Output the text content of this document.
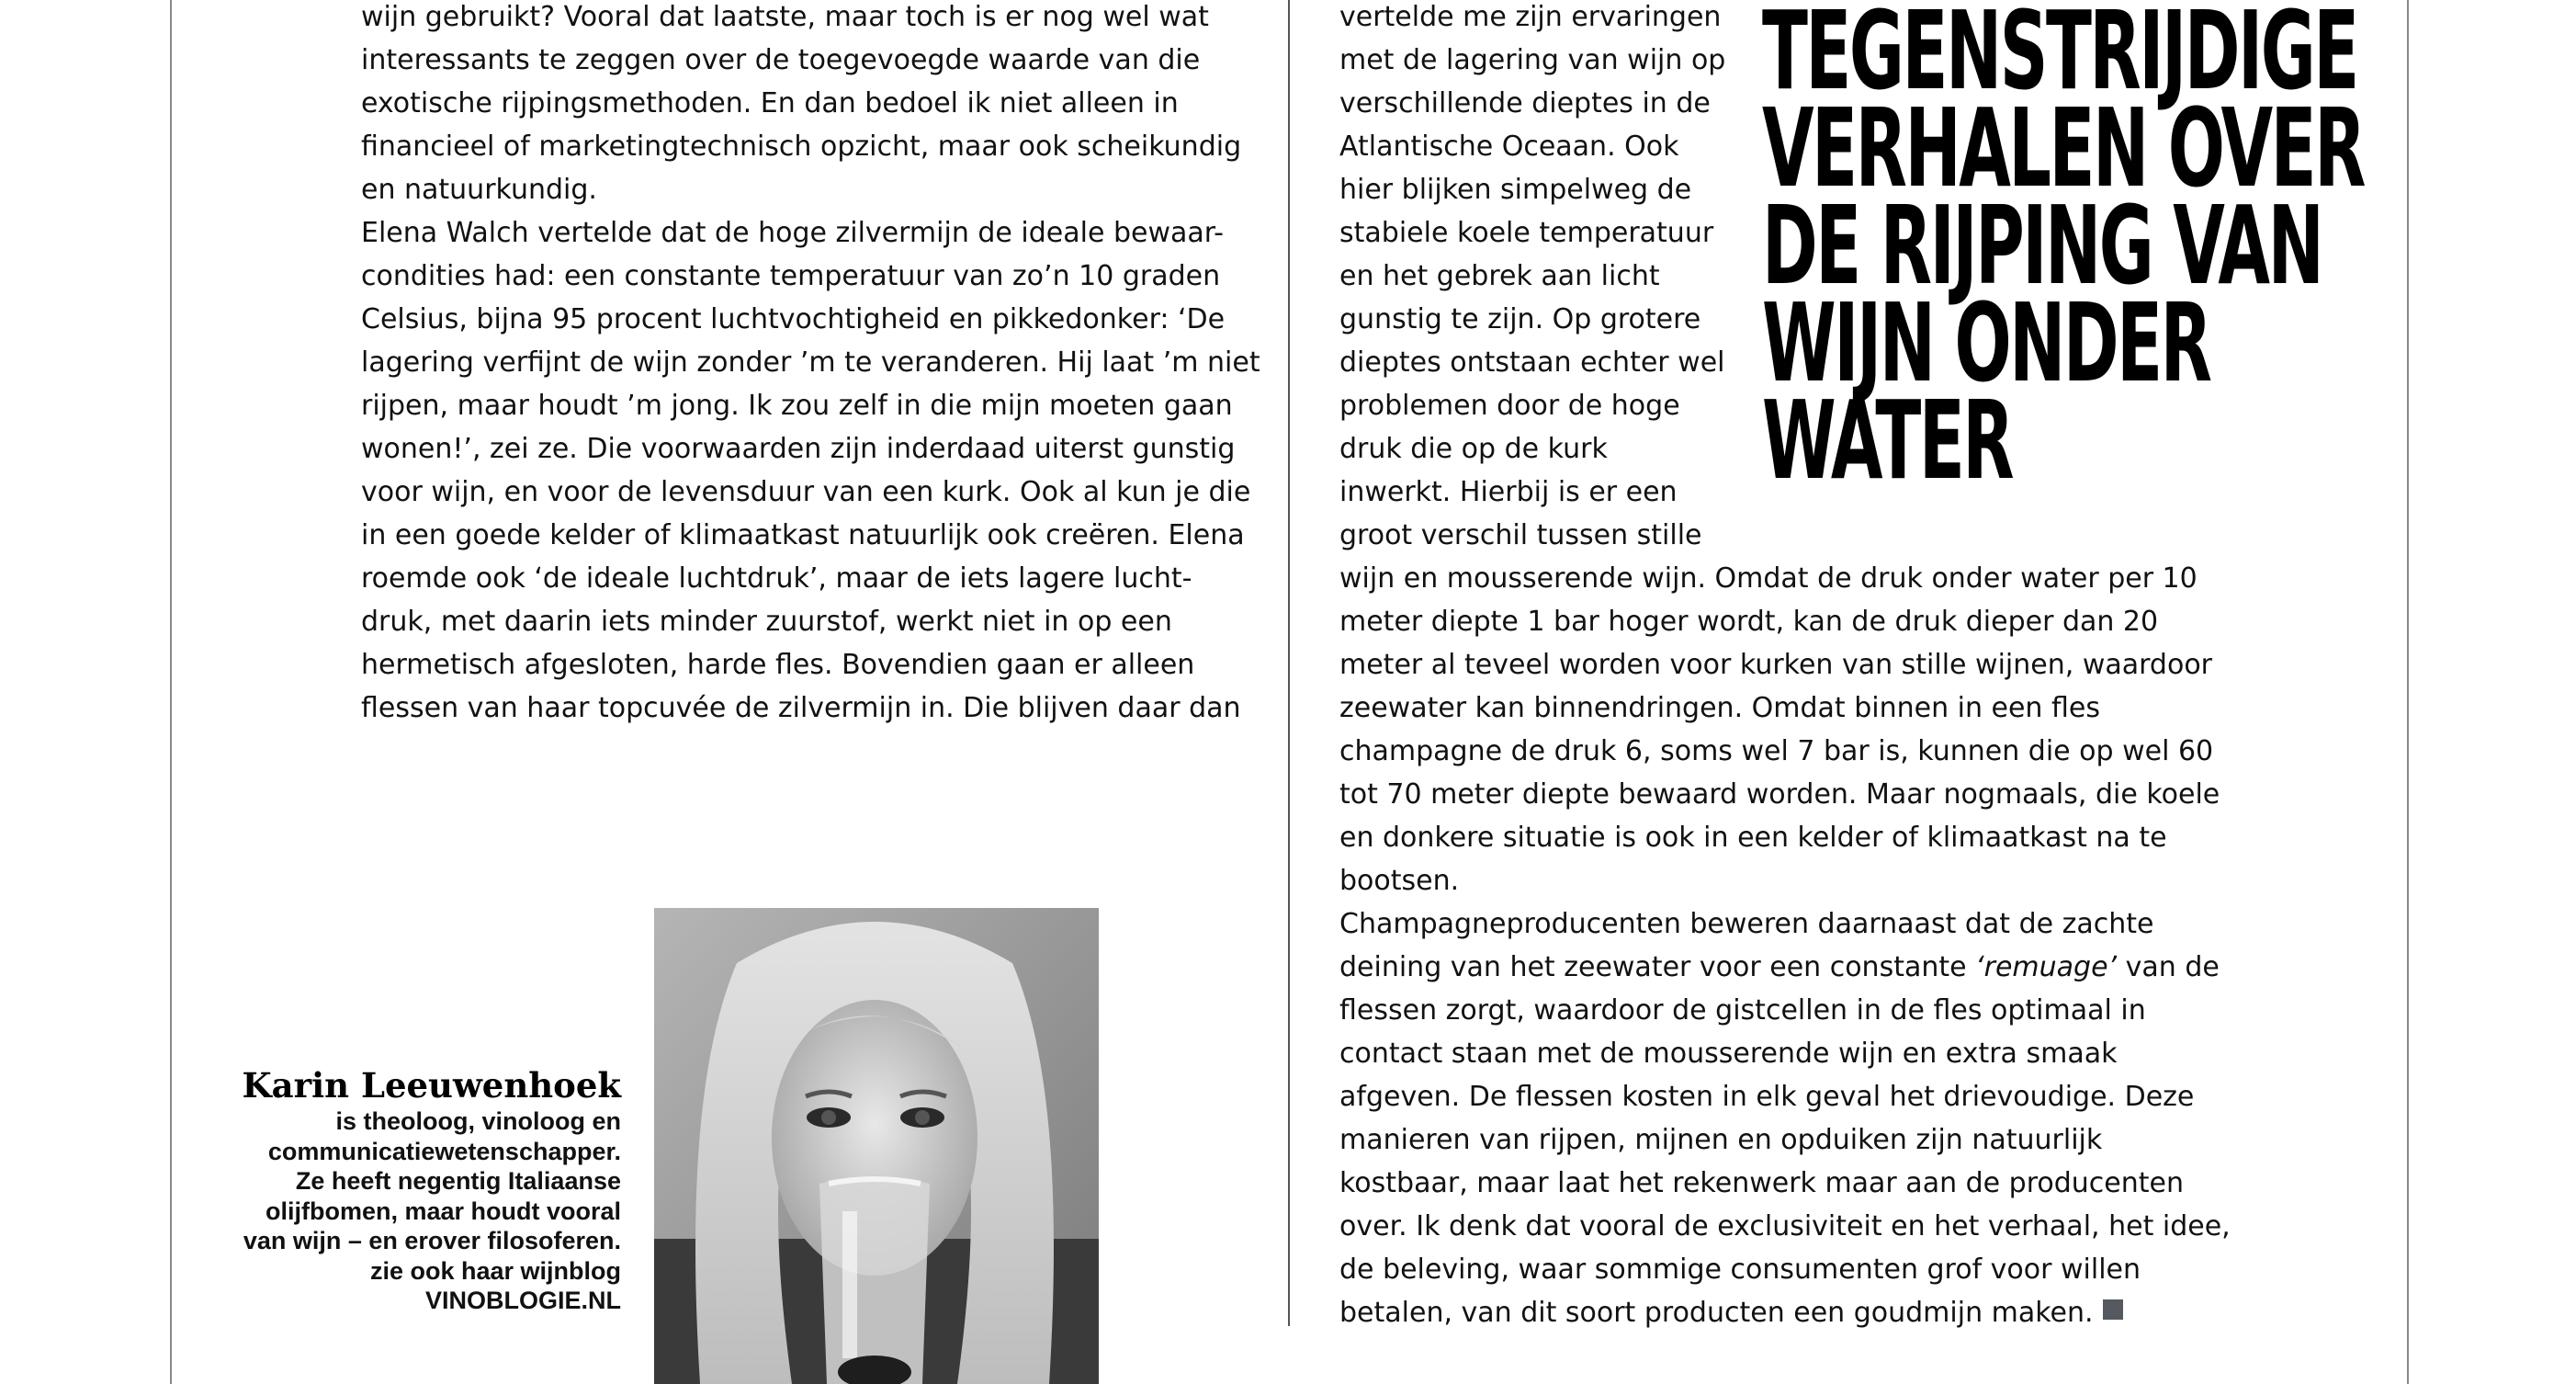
wijn gebruikt? Vooral dat laatste, maar toch is er nog wel wat
interessants te zeggen over de toegevoegde waarde van die
exotische rijpingsmethoden. En dan bedoel ik niet alleen in
financieel of marketingtechnisch opzicht, maar ook scheikundig
en natuurkundig.
Elena Walch vertelde dat de hoge zilvermijn de ideale bewaar-
condities had: een constante temperatuur van zo’n 10 graden
Celsius, bijna 95 procent luchtvochtigheid en pikkedonker: ‘De
lagering verfijnt de wijn zonder ’m te veranderen. Hij laat ’m niet
rijpen, maar houdt ’m jong. Ik zou zelf in die mijn moeten gaan
wonen!’, zei ze. Die voorwaarden zijn inderdaad uiterst gunstig
voor wijn, en voor de levensduur van een kurk. Ook al kun je die
in een goede kelder of klimaatkast natuurlijk ook creëren. Elena
roemde ook ‘de ideale luchtdruk’, maar de iets lagere lucht-
druk, met daarin iets minder zuurstof, werkt niet in op een
hermetisch afgesloten, harde fles. Bovendien gaan er alleen
flessen van haar topcuvée de zilvermijn in. Die blijven daar dan
vertelde me zijn ervaringen
met de lagering van wijn op
verschillende dieptes in de
Atlantische Oceaan. Ook
hier blijken simpelweg de
stabiele koele temperatuur
en het gebrek aan licht
gunstig te zijn. Op grotere
dieptes ontstaan echter wel
problemen door de hoge
druk die op de kurk
inwerkt. Hierbij is er een
groot verschil tussen stille
wijn en mousserende wijn. Omdat de druk onder water per 10
meter diepte 1 bar hoger wordt, kan de druk dieper dan 20
meter al teveel worden voor kurken van stille wijnen, waardoor
zeewater kan binnendringen. Omdat binnen in een fles
champagne de druk 6, soms wel 7 bar is, kunnen die op wel 60
tot 70 meter diepte bewaard worden. Maar nogmaals, die koele
en donkere situatie is ook in een kelder of klimaatkast na te
bootsen.
Champagneproducenten beweren daarnaast dat de zachte
deining van het zeewater voor een constante ‘remuage’ van de
flessen zorgt, waardoor de gistcellen in de fles optimaal in
contact staan met de mousserende wijn en extra smaak
afgeven. De flessen kosten in elk geval het drievoudige. Deze
manieren van rijpen, mijnen en opduiken zijn natuurlijk
kostbaar, maar laat het rekenwerk maar aan de producenten
over. Ik denk dat vooral de exclusiviteit en het verhaal, het idee,
de beleving, waar sommige consumenten grof voor willen
betalen, van dit soort producten een goudmijn maken.
TEGENSTRIJDIGE
VERHALEN OVER
DE RIJPING VAN
WIJN ONDER
WATER
Karin Leeuwenhoek
is theoloog, vinoloog en
communicatiewetenschapper.
Ze heeft negentig Italiaanse
olijfbomen, maar houdt vooral
van wijn – en erover filosoferen.
zie ook haar wijnblog
VINOBLOGIE.NL
